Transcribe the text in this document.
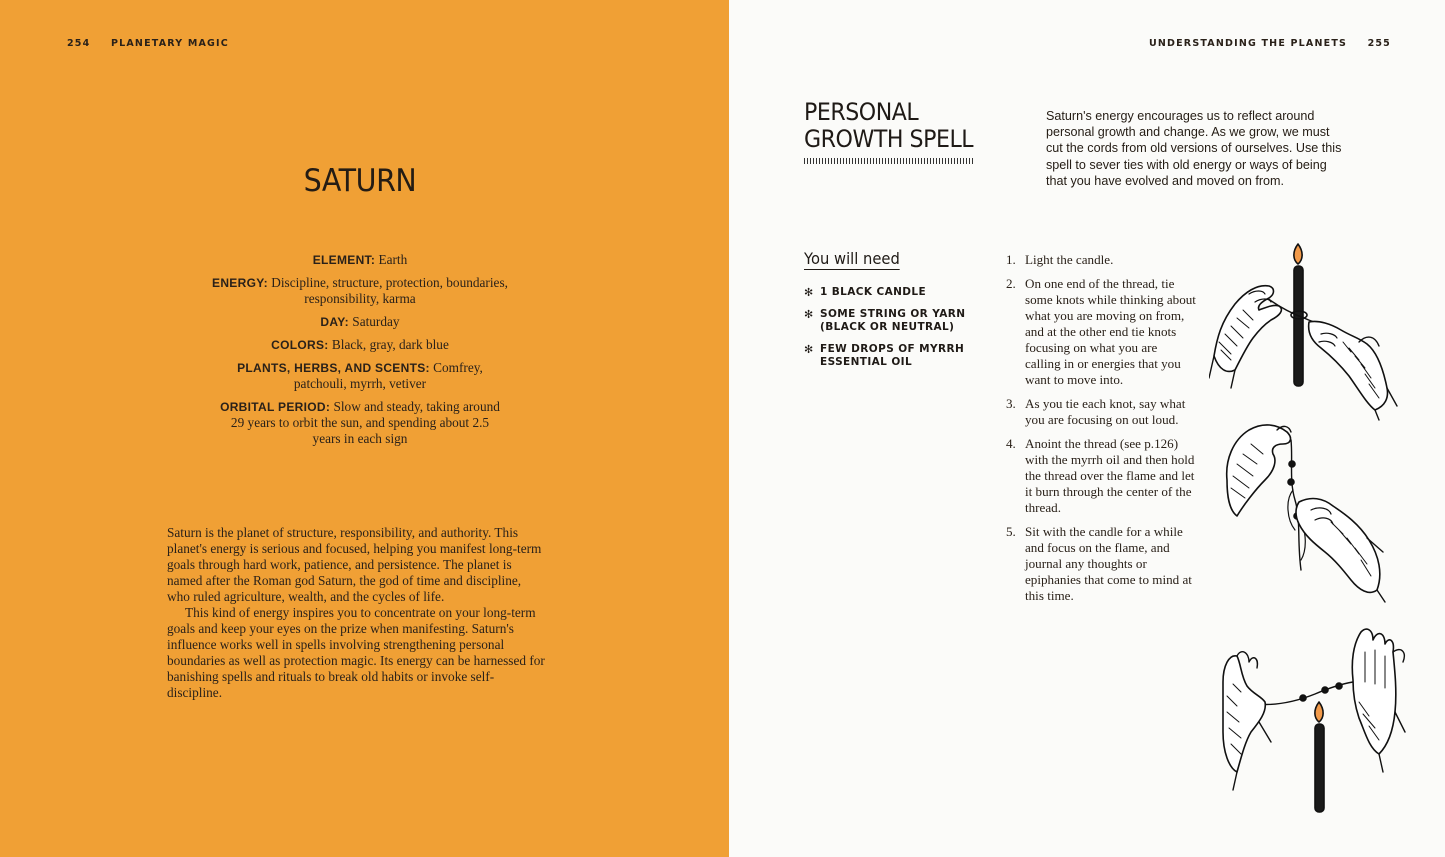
254 PLANETARY MAGIC
SATURN
ELEMENT: Earth
ENERGY: Discipline, structure, protection, boundaries, responsibility, karma
DAY: Saturday
COLORS: Black, gray, dark blue
PLANTS, HERBS, AND SCENTS: Comfrey, patchouli, myrrh, vetiver
ORBITAL PERIOD: Slow and steady, taking around 29 years to orbit the sun, and spending about 2.5 years in each sign

Saturn is the planet of structure, responsibility, and authority. This planet's energy is serious and focused, helping you manifest long-term goals through hard work, patience, and persistence. The planet is named after the Roman god Saturn, the god of time and discipline, who ruled agriculture, wealth, and the cycles of life.

This kind of energy inspires you to concentrate on your long-term goals and keep your eyes on the prize when manifesting. Saturn's influence works well in spells involving strengthening personal boundaries as well as protection magic. Its energy can be harnessed for banishing spells and rituals to break old habits or invoke self-discipline.

UNDERSTANDING THE PLANETS 255
PERSONAL
GROWTH SPELL
Saturn's energy encourages us to reflect around personal growth and change. As we grow, we must cut the cords from old versions of ourselves. Use this spell to sever ties with old energy or ways of being that you have evolved and moved on from.
You will need
✻ 1 BLACK CANDLE
✻ SOME STRING OR YARN (BLACK OR NEUTRAL)
✻ FEW DROPS OF MYRRH ESSENTIAL OIL
1. Light the candle.
2. On one end of the thread, tie some knots while thinking about what you are moving on from, and at the other end tie knots focusing on what you are calling in or energies that you want to move into.
3. As you tie each knot, say what you are focusing on out loud.
4. Anoint the thread (see p.126) with the myrrh oil and then hold the thread over the flame and let it burn through the center of the thread.
5. Sit with the candle for a while and focus on the flame, and journal any thoughts or epiphanies that come to mind at this time.
